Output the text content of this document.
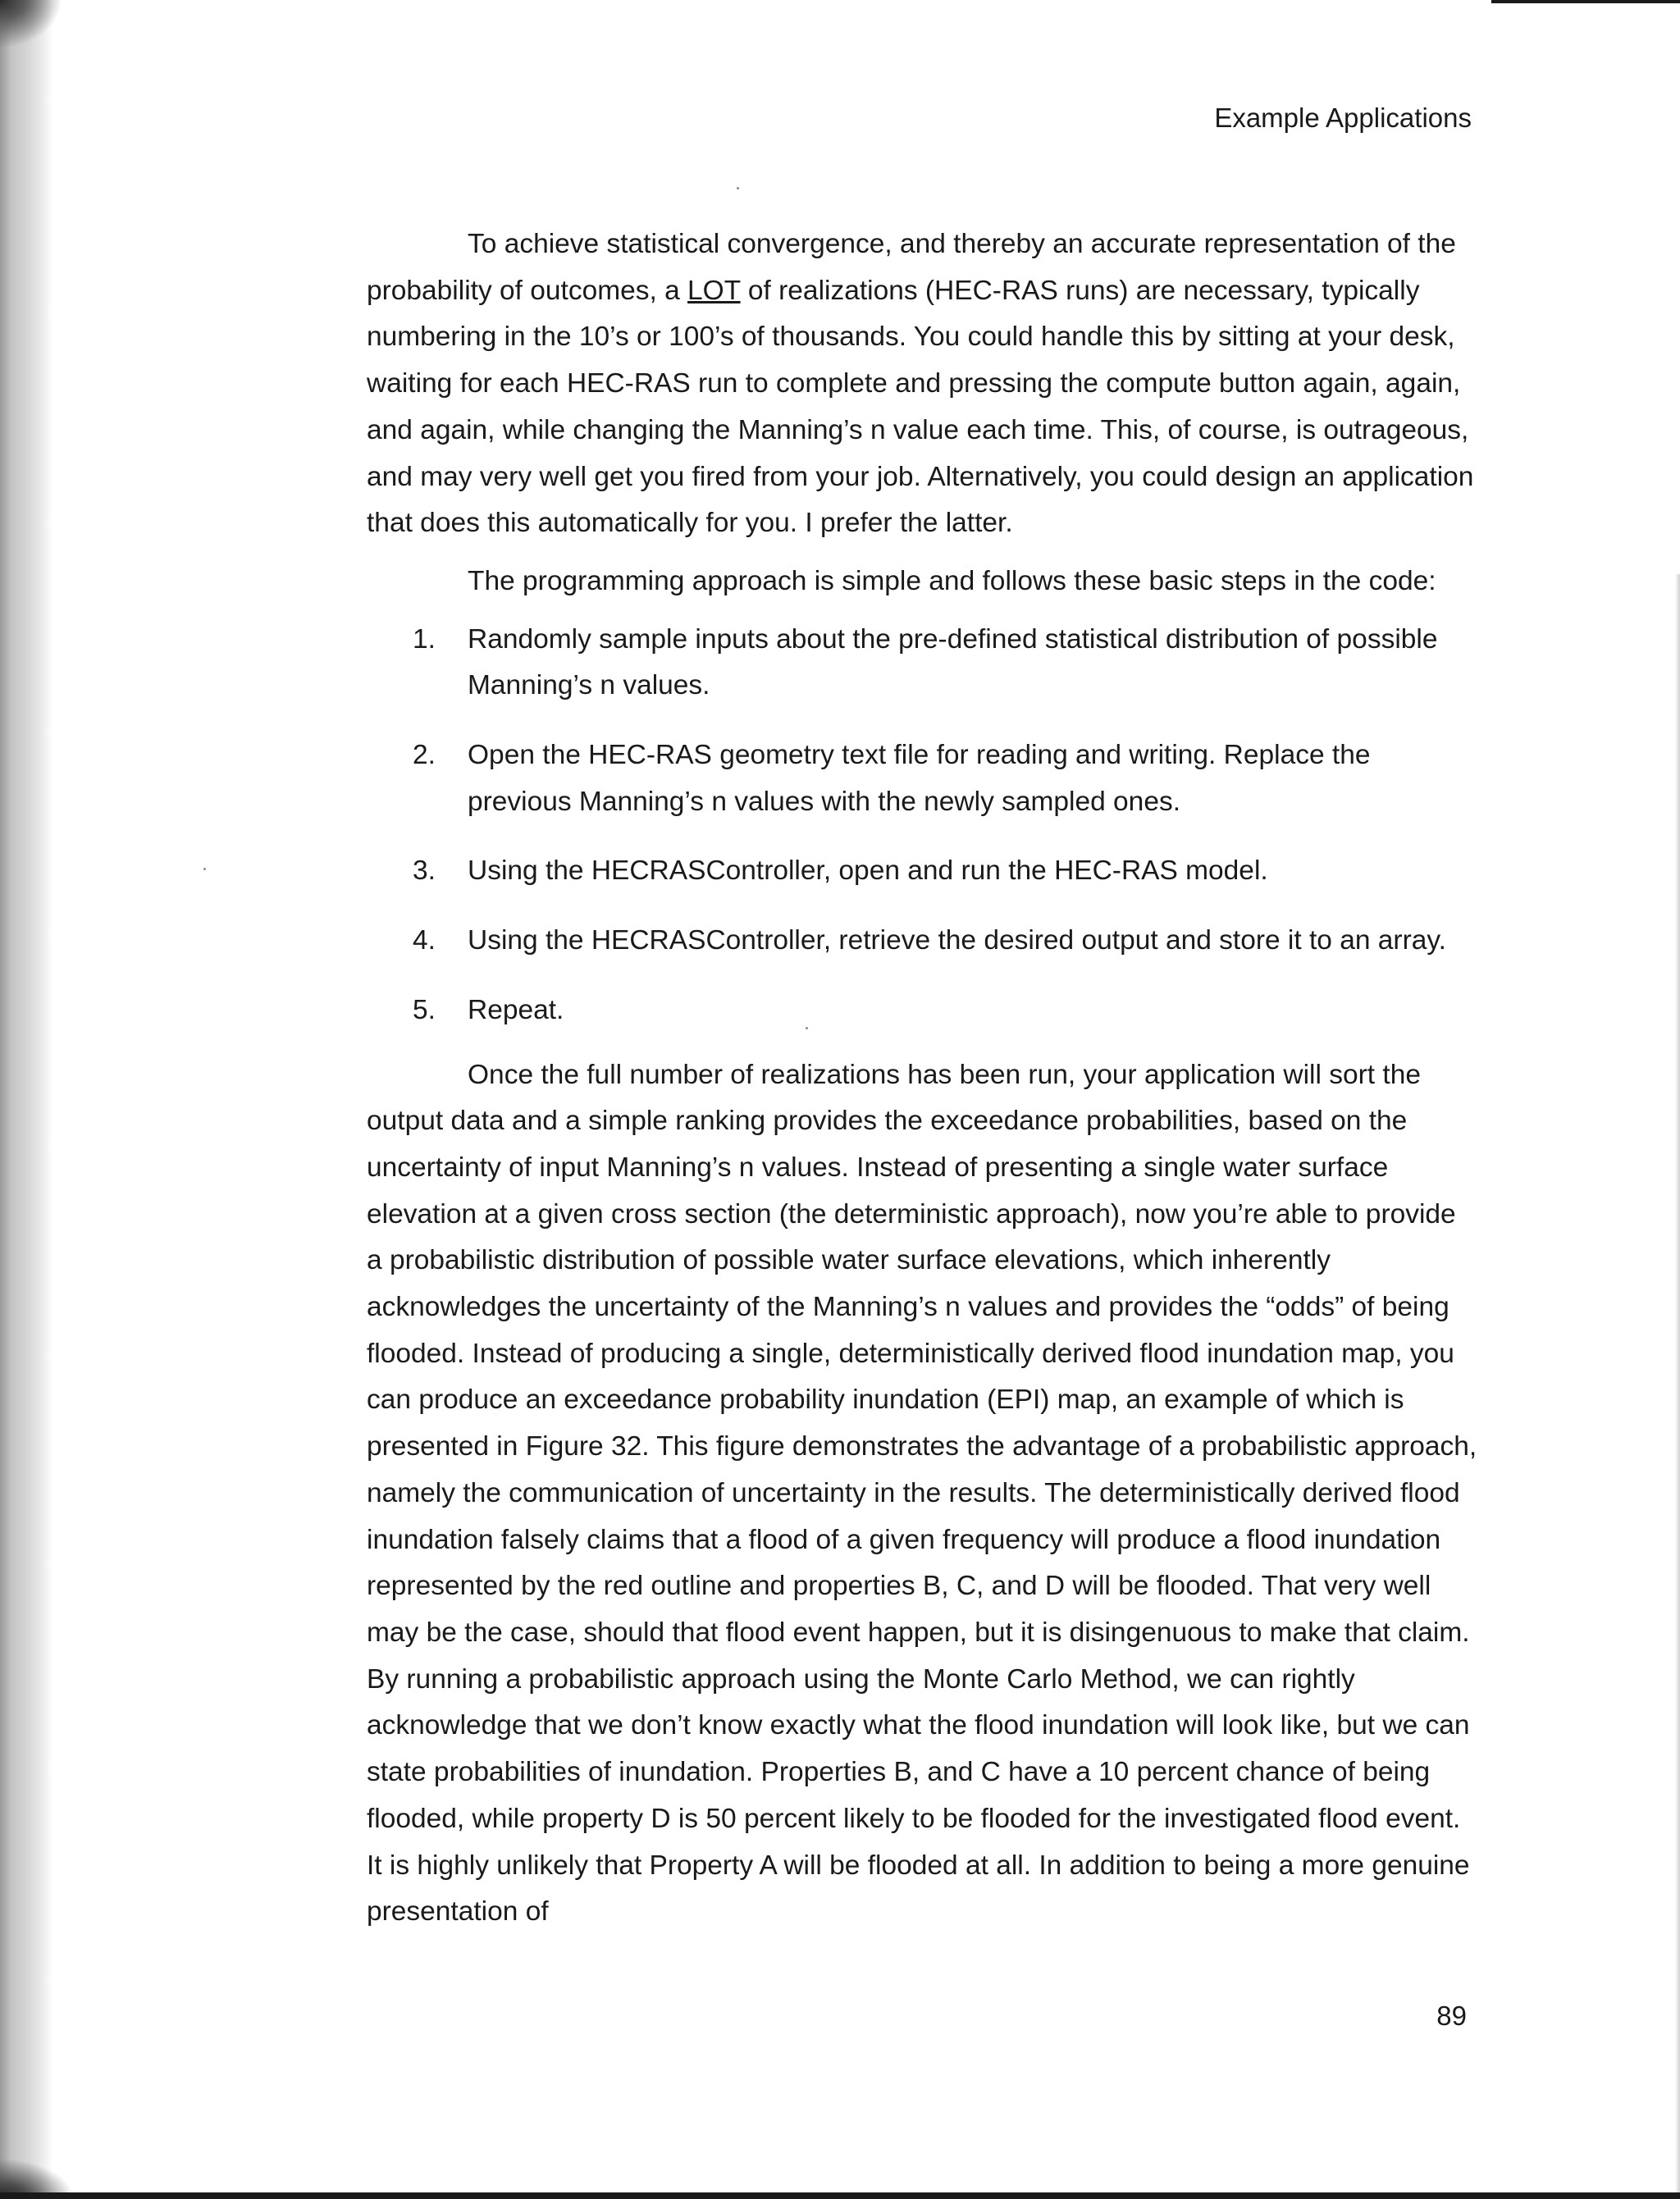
Example Applications

To achieve statistical convergence, and thereby an accurate representation of the probability of outcomes, a LOT of realizations (HEC-RAS runs) are necessary, typically numbering in the 10’s or 100’s of thousands. You could handle this by sitting at your desk, waiting for each HEC-RAS run to complete and pressing the compute button again, again, and again, while changing the Manning’s n value each time. This, of course, is outrageous, and may very well get you fired from your job. Alternatively, you could design an application that does this automatically for you. I prefer the latter.

The programming approach is simple and follows these basic steps in the code:

1. Randomly sample inputs about the pre-defined statistical distribution of possible Manning’s n values.
2. Open the HEC-RAS geometry text file for reading and writing. Replace the previous Manning’s n values with the newly sampled ones.
3. Using the HECRASController, open and run the HEC-RAS model.
4. Using the HECRASController, retrieve the desired output and store it to an array.
5. Repeat.

Once the full number of realizations has been run, your application will sort the output data and a simple ranking provides the exceedance probabilities, based on the uncertainty of input Manning’s n values. Instead of presenting a single water surface elevation at a given cross section (the deterministic approach), now you’re able to provide a probabilistic distribution of possible water surface elevations, which inherently acknowledges the uncertainty of the Manning’s n values and provides the “odds” of being flooded. Instead of producing a single, deterministically derived flood inundation map, you can produce an exceedance probability inundation (EPI) map, an example of which is presented in Figure 32. This figure demonstrates the advantage of a probabilistic approach, namely the communication of uncertainty in the results. The deterministically derived flood inundation falsely claims that a flood of a given frequency will produce a flood inundation represented by the red outline and properties B, C, and D will be flooded. That very well may be the case, should that flood event happen, but it is disingenuous to make that claim. By running a probabilistic approach using the Monte Carlo Method, we can rightly acknowledge that we don’t know exactly what the flood inundation will look like, but we can state probabilities of inundation. Properties B, and C have a 10 percent chance of being flooded, while property D is 50 percent likely to be flooded for the investigated flood event. It is highly unlikely that Property A will be flooded at all. In addition to being a more genuine presentation of

89
